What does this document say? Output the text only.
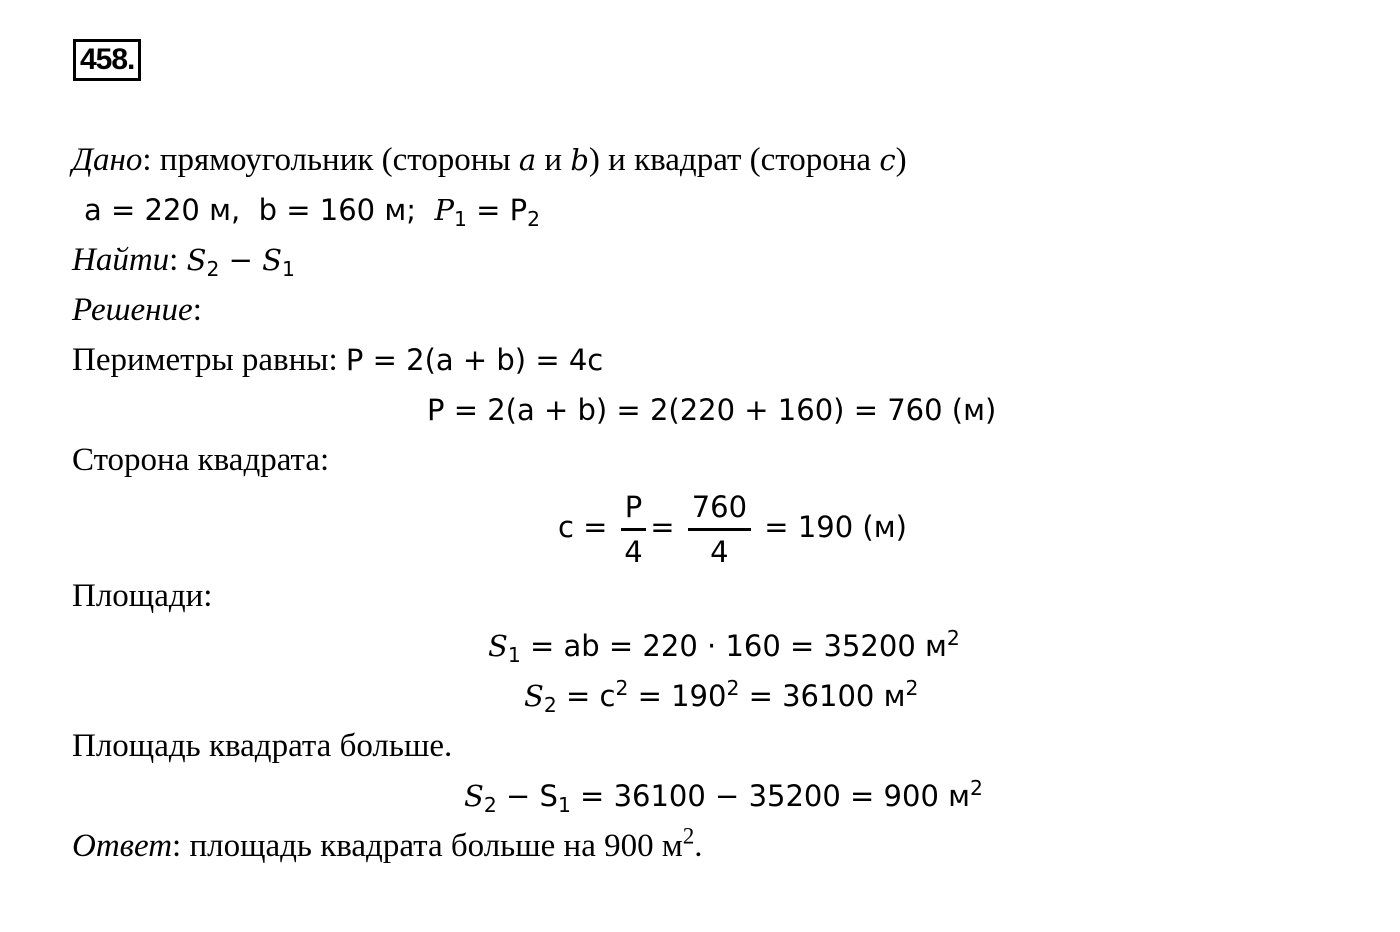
458.
Дано: прямоугольник (стороны a и b) и квадрат (сторона c)
a = 220 м, b = 160 м; $P_1 = P_2$
Найти: $S_2 - S_1$
Решение:
Периметры равны: P = 2(a + b) = 4c
P = 2(a + b) = 2(220 + 160) = 760 (м)
Сторона квадрата:
$c = \frac{P}{4} = \frac{760}{4} = 190$ (м)
Площади:
$S_1$ = ab = 220 · 160 = 35200 $м^2$
$S_2 = c^2 = 190^2 = 36100$ $м^2$
Площадь квадрата больше.
$S_2 - S_1 = 36100 - 35200 = 900$ $м^2$
Ответ: площадь квадрата больше на 900 $м^2$.
